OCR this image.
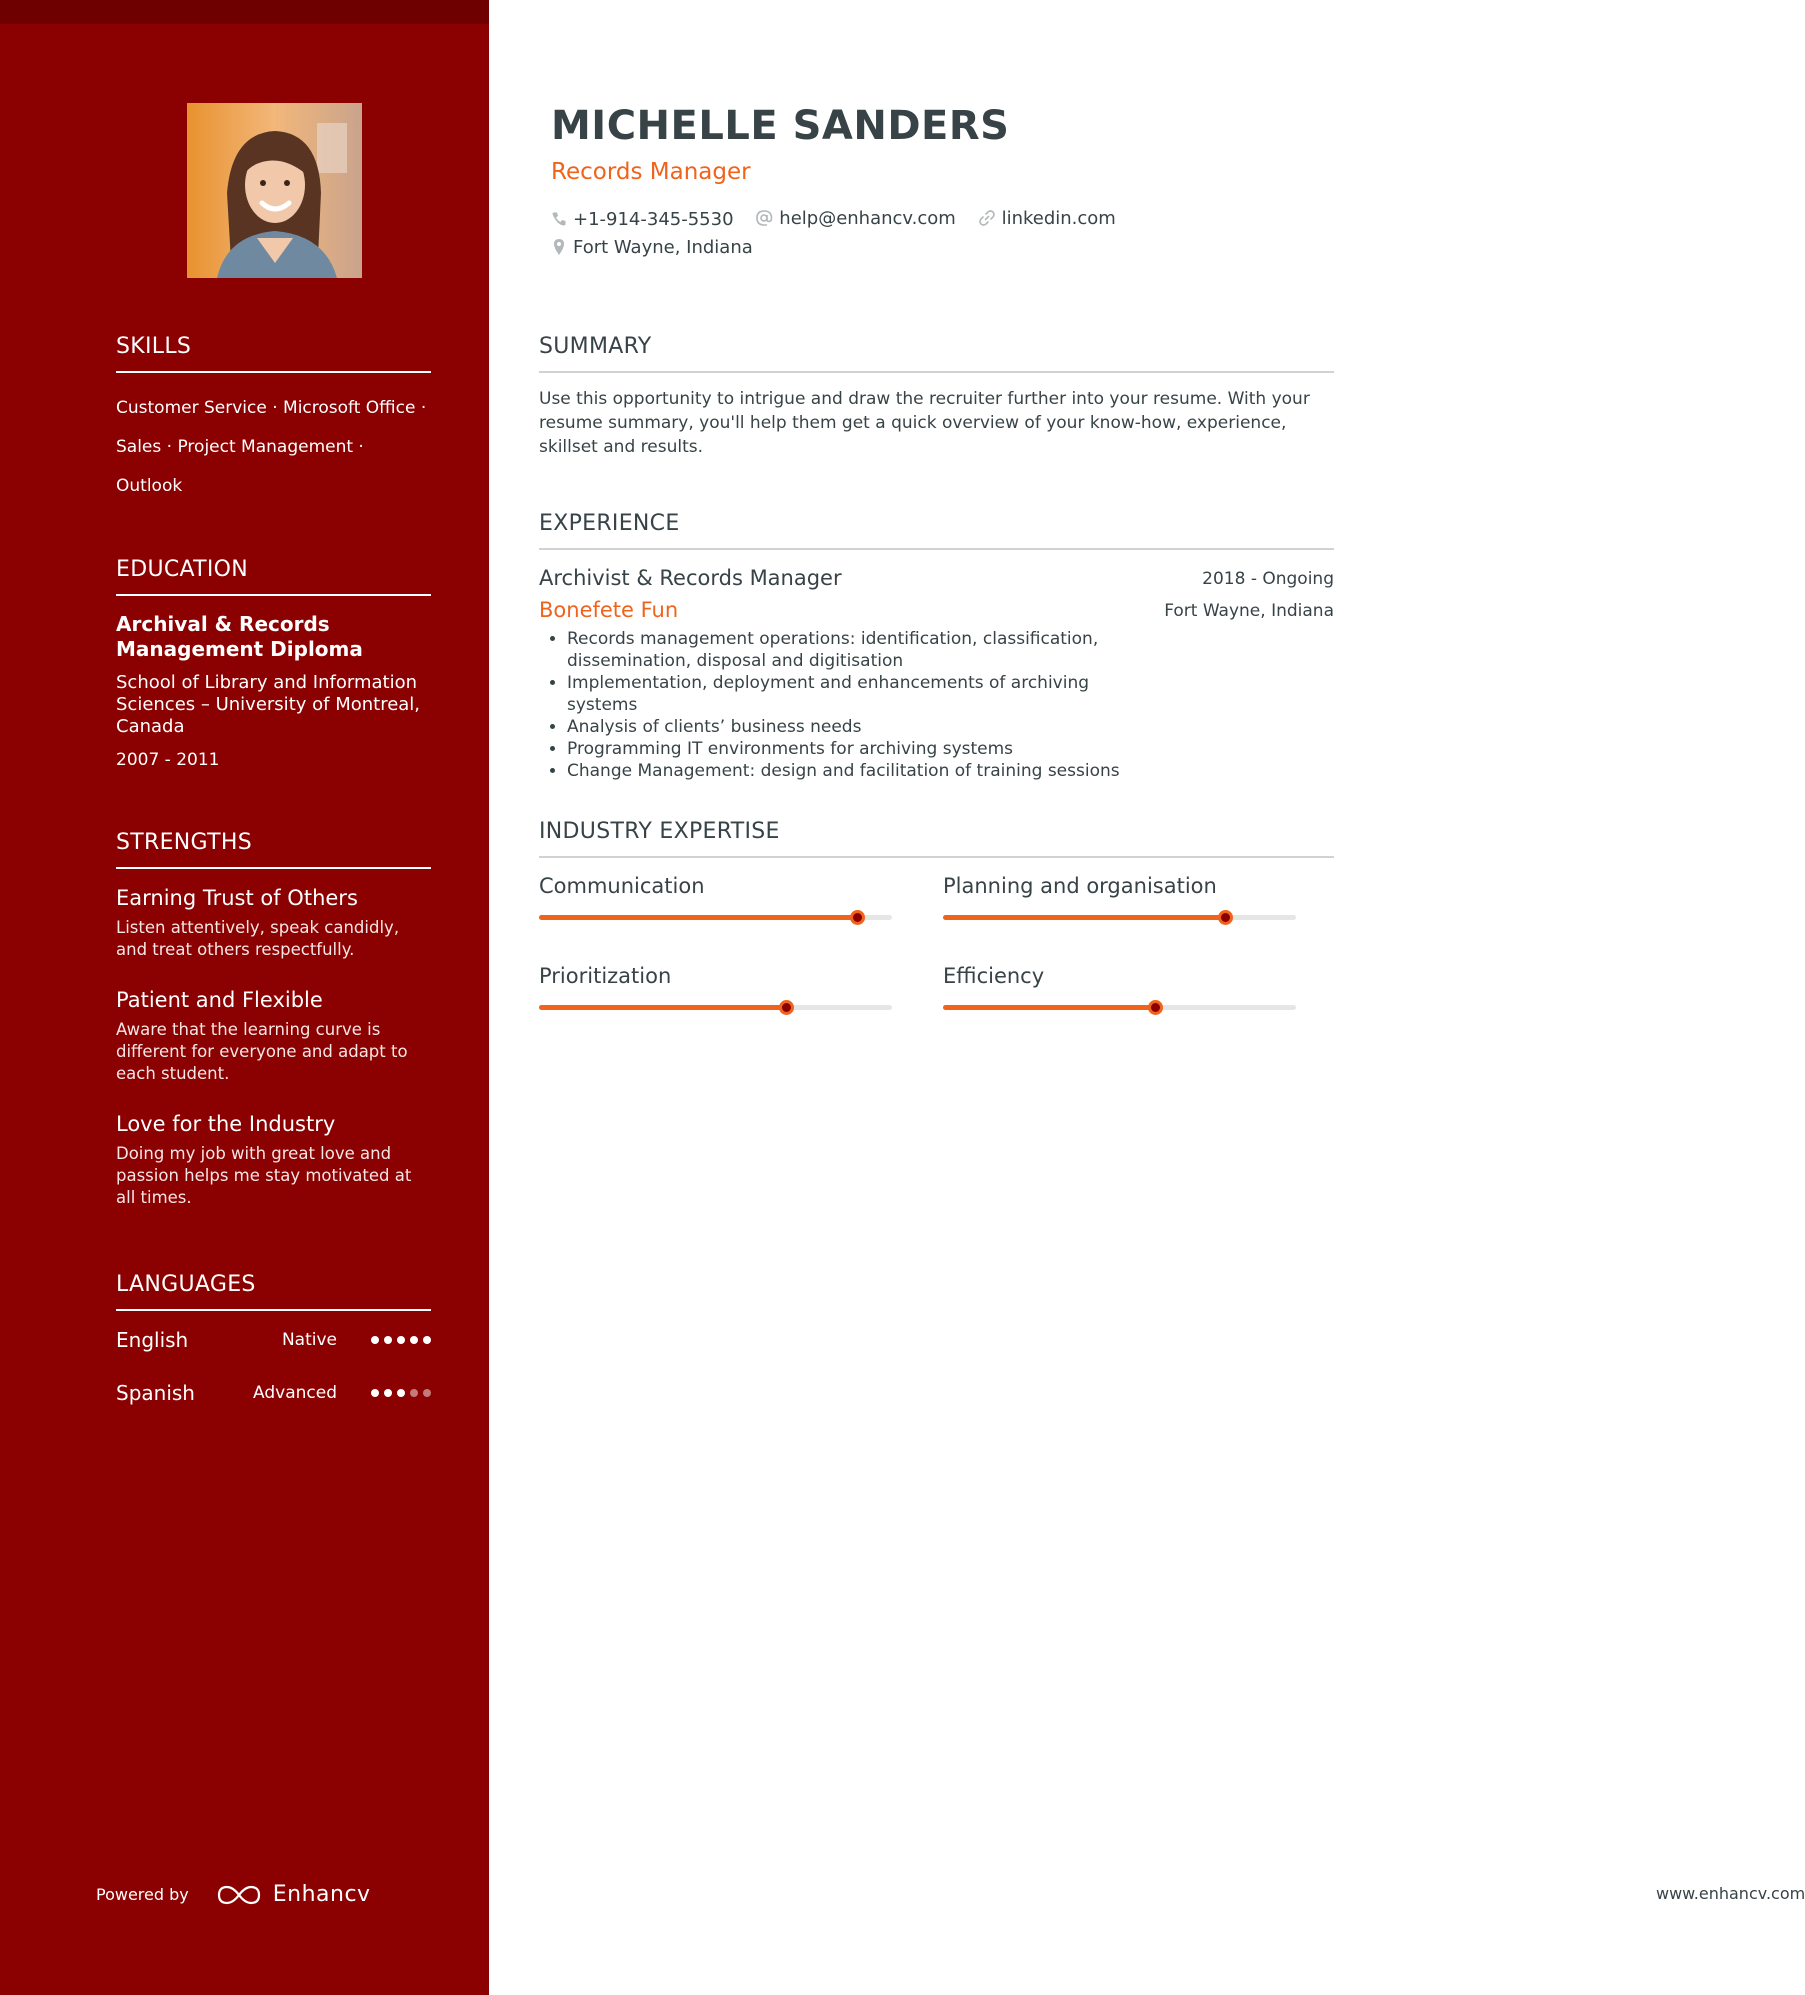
SKILLS
Customer Service · Microsoft Office ·
Sales · Project Management ·
Outlook
EDUCATION
Archival & Records Management Diploma
School of Library and Information Sciences – University of Montreal, Canada
2007 - 2011
STRENGTHS
Earning Trust of Others
Listen attentively, speak candidly, and treat others respectfully.
Patient and Flexible
Aware that the learning curve is different for everyone and adapt to each student.
Love for the Industry
Doing my job with great love and passion helps me stay motivated at all times.
LANGUAGES
English	Native
Spanish	Advanced
Powered by	Enhancv
MICHELLE SANDERS
Records Manager
+1-914-345-5530
	help@enhancv.com
	linkedin.com

Fort Wayne, Indiana
SUMMARY
Use this opportunity to intrigue and draw the recruiter further into your resume. With your resume summary, you'll help them get a quick overview of your know-how, experience, skillset and results.
EXPERIENCE
Archivist & Records Manager	2018 - Ongoing
Bonefete Fun	Fort Wayne, Indiana
• Records management operations: identification, classification, dissemination, disposal and digitisation
• Implementation, deployment and enhancements of archiving systems
• Analysis of clients’ business needs
• Programming IT environments for archiving systems
• Change Management: design and facilitation of training sessions
INDUSTRY EXPERTISE
Communication	Planning and organisation
Prioritization	Efficiency
www.enhancv.com
